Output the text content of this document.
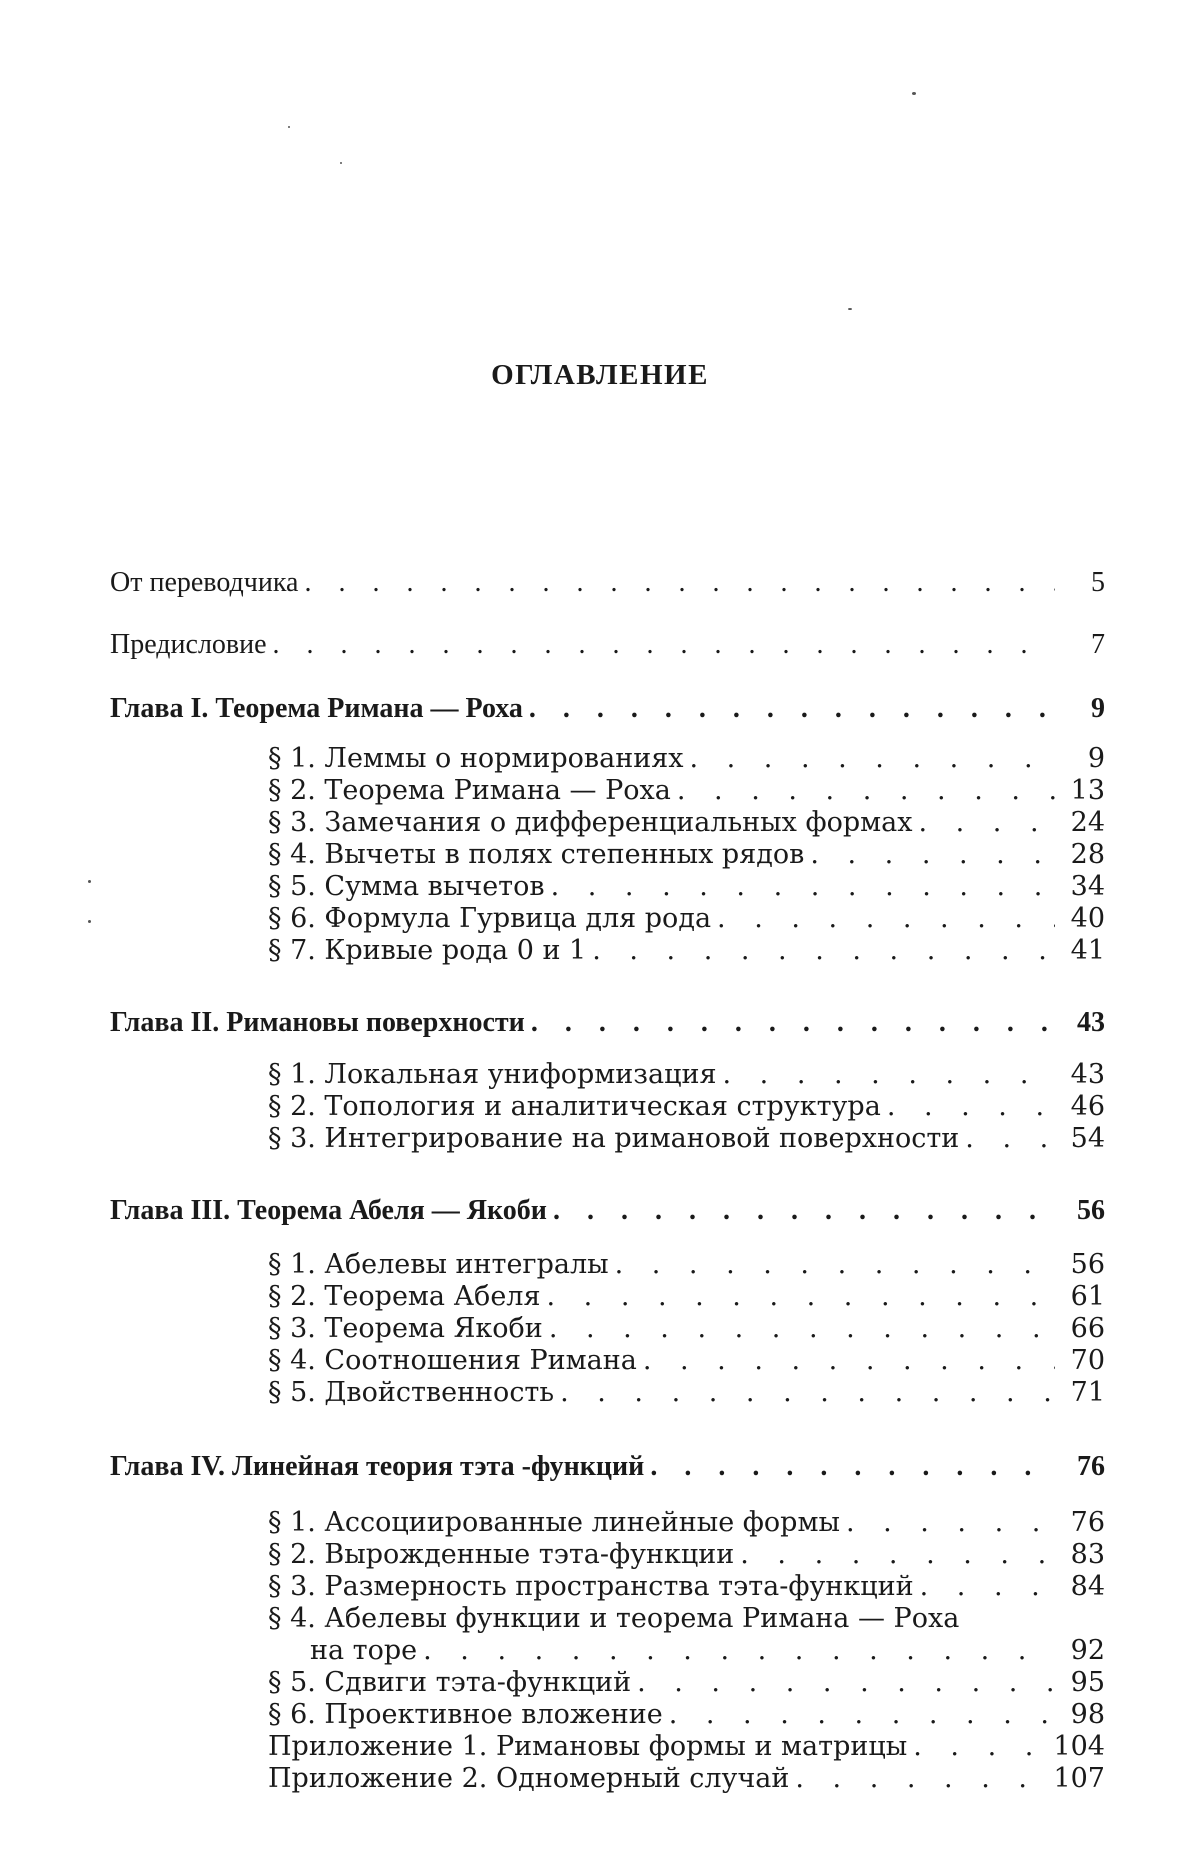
ОГЛАВЛЕНИЕ
От переводчика . . .	5
Предисловие . . .	7
Глава I. Теорема Римана — Роха . . .	9
§ 1. Леммы о нормированиях . . .	9
§ 2. Теорема Римана — Роха . . .	13
§ 3. Замечания о дифференциальных формах . . .	24
§ 4. Вычеты в полях степенных рядов . . .	28
§ 5. Сумма вычетов . . .	34
§ 6. Формула Гурвица для рода . . .	40
§ 7. Кривые рода 0 и 1 . . .	41
Глава II. Римановы поверхности . . .	43
§ 1. Локальная униформизация . . .	43
§ 2. Топология и аналитическая структура . . .	46
§ 3. Интегрирование на римановой поверхности . . .	54
Глава III. Теорема Абеля — Якоби . . .	56
§ 1. Абелевы интегралы . . .	56
§ 2. Теорема Абеля . . .	61
§ 3. Теорема Якоби . . .	66
§ 4. Соотношения Римана . . .	70
§ 5. Двойственность . . .	71
Глава IV. Линейная теория тэта -функций . . .	76
§ 1. Ассоциированные линейные формы . . .	76
§ 2. Вырожденные тэта-функции . . .	83
§ 3. Размерность пространства тэта-функций . . .	84
§ 4. Абелевы функции и теорема Римана — Роха
на торе . . .	92
§ 5. Сдвиги тэта-функций . . .	95
§ 6. Проективное вложение . . .	98
Приложение 1. Римановы формы и матрицы . . .	104
Приложение 2. Одномерный случай . . .	107
